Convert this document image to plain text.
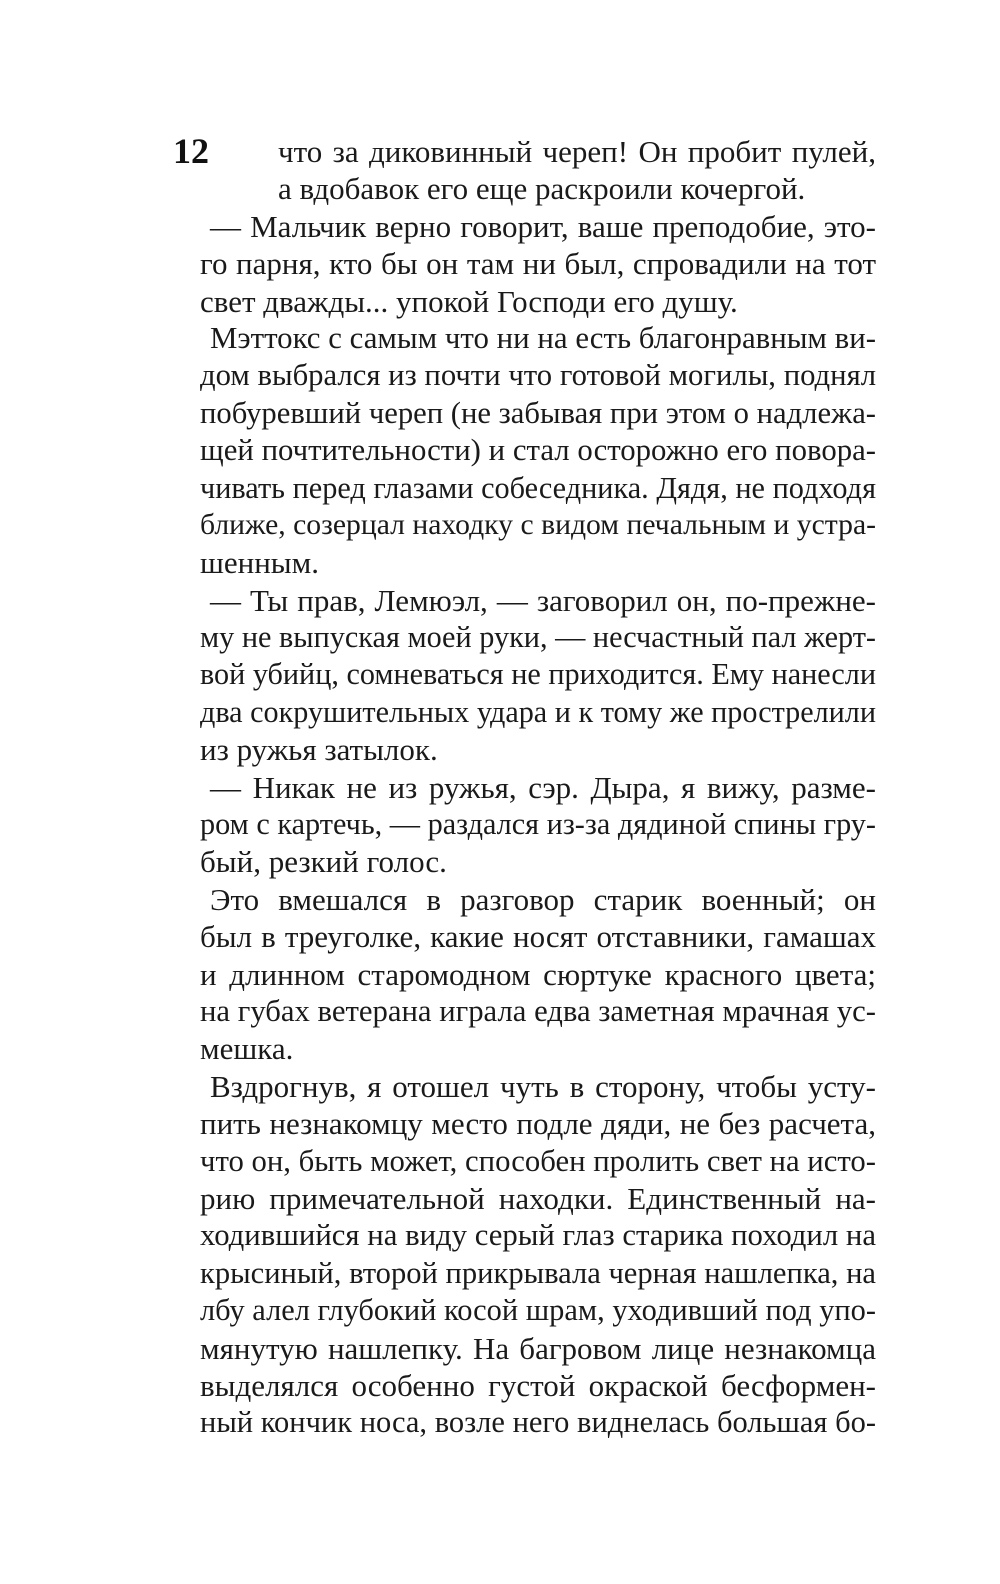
12	что за диковинный череп! Он пробит пулей,
а вдобавок его еще раскроили кочергой.
— Мальчик верно говорит, ваше преподобие, это-
го парня, кто бы он там ни был, спровадили на тот
свет дважды... упокой Господи его душу.
Мэттокс с самым что ни на есть благонравным ви-
дом выбрался из почти что готовой могилы, поднял
побуревший череп (не забывая при этом о надлежа-
щей почтительности) и стал осторожно его повора-
чивать перед глазами собеседника. Дядя, не подходя
ближе, созерцал находку с видом печальным и устра-
шенным.
— Ты прав, Лемюэл, — заговорил он, по-прежне-
му не выпуская моей руки, — несчастный пал жерт-
вой убийц, сомневаться не приходится. Ему нанесли
два сокрушительных удара и к тому же прострелили
из ружья затылок.
— Никак не из ружья, сэр. Дыра, я вижу, разме-
ром с картечь, — раздался из-за дядиной спины гру-
бый, резкий голос.
Это вмешался в разговор старик военный; он
был в треуголке, какие носят отставники, гамашах
и длинном старомодном сюртуке красного цвета;
на губах ветерана играла едва заметная мрачная ус-
мешка.
Вздрогнув, я отошел чуть в сторону, чтобы усту-
пить незнакомцу место подле дяди, не без расчета,
что он, быть может, способен пролить свет на исто-
рию примечательной находки. Единственный на-
ходившийся на виду серый глаз старика походил на
крысиный, второй прикрывала черная нашлепка, на
лбу алел глубокий косой шрам, уходивший под упо-
мянутую нашлепку. На багровом лице незнакомца
выделялся особенно густой окраской бесформен-
ный кончик носа, возле него виднелась большая бо-
